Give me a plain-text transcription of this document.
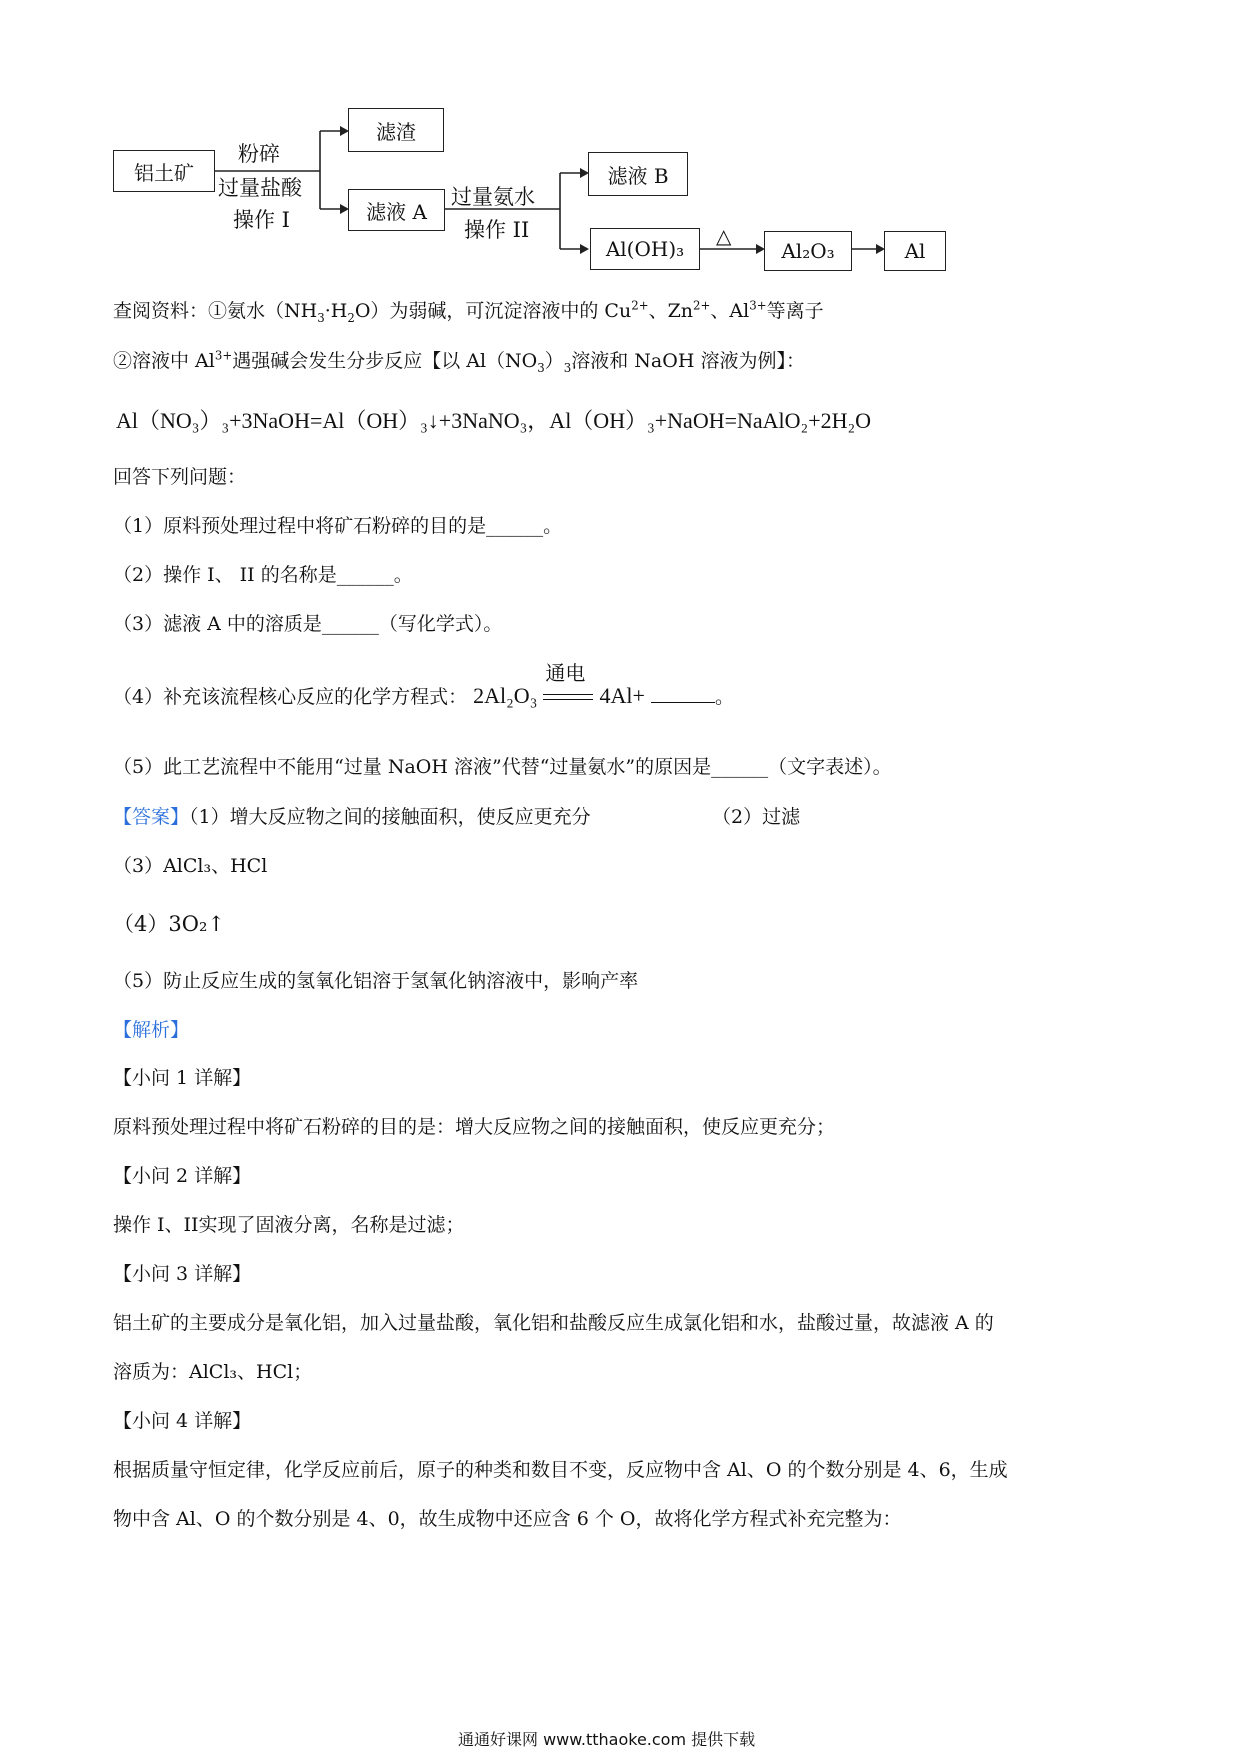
铝土矿
滤渣
滤液 A
滤液 B
Al(OH)₃	Al₂O₃	Al
粉碎
过量盐酸
操作 I
过量氨水
操作 II	△
查阅资料：①氨水$(NH_3\cdot H_2O)$为弱碱，可沉淀溶液中的 $Cu^{2+}$、$Zn^{2+}$、$Al^{3+}$等离子
②溶液中 $Al^{3+}$遇强碱会发生分步反应【以 $Al(NO_3)_3$溶液和 NaOH 溶液为例】：
Al（NO₃）₃+3NaOH=Al（OH）₃↓+3NaNO₃，Al（OH）₃+NaOH=NaAlO₂+2H₂O
回答下列问题：
（1）原料预处理过程中将矿石粉碎的目的是______。
（2）操作 I、 II 的名称是______。
（3）滤液 A 中的溶质是______（写化学式）。
（4）补充该流程核心反应的化学方程式： 2Al₂O₃
通电
4Al+	。
（5）此工艺流程中不能用“过量 NaOH 溶液”代替“过量氨水”的原因是______（文字表述）。
【答案】（1）增大反应物之间的接触面积，使反应更充分	（2）过滤
（3）AlCl₃、HCl
（4）3O₂↑
（5）防止反应生成的氢氧化铝溶于氢氧化钠溶液中，影响产率
【解析】
【小问 1 详解】
原料预处理过程中将矿石粉碎的目的是：增大反应物之间的接触面积，使反应更充分；
【小问 2 详解】
操作 I、II实现了固液分离，名称是过滤；
【小问 3 详解】
铝土矿的主要成分是氧化铝，加入过量盐酸，氧化铝和盐酸反应生成氯化铝和水，盐酸过量，故滤液 A 的
溶质为：AlCl₃、HCl；
【小问 4 详解】
根据质量守恒定律，化学反应前后，原子的种类和数目不变，反应物中含 Al、O 的个数分别是 4、6，生成
物中含 Al、O 的个数分别是 4、0，故生成物中还应含 6 个 O，故将化学方程式补充完整为：
通通好课网 www.tthaoke.com 提供下载
